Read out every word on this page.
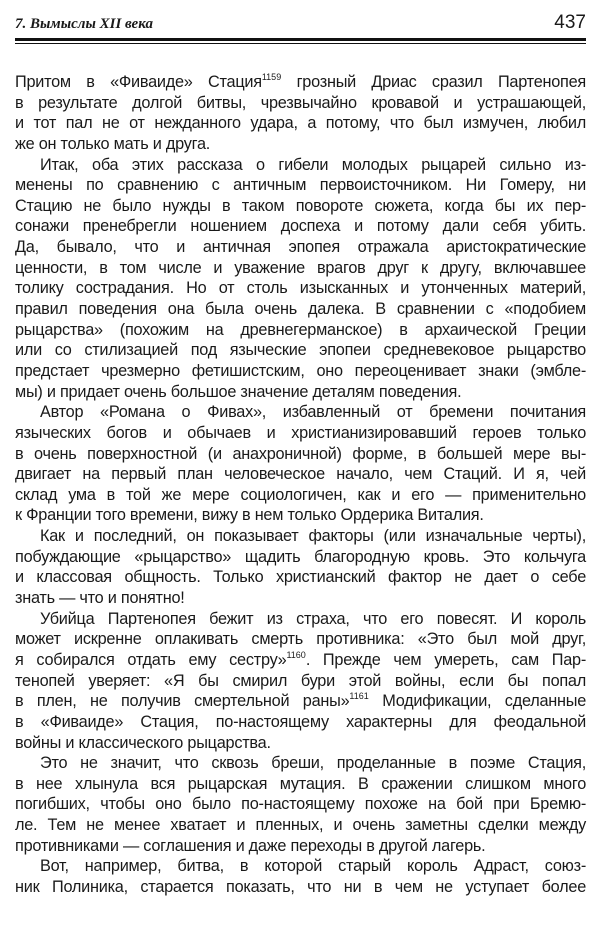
7. Вымыслы XII века	437
Притом в «Фиваиде» Стация$^{1159}$ грозный Дриас сразил Партенопея
в результате долгой битвы, чрезвычайно кровавой и устрашающей,
и тот пал не от нежданного удара, а потому, что был измучен, любил
же он только мать и друга.
Итак, оба этих рассказа о гибели молодых рыцарей сильно из-
менены по сравнению с античным первоисточником. Ни Гомеру, ни
Стацию не было нужды в таком повороте сюжета, когда бы их пер-
сонажи пренебрегли ношением доспеха и потому дали себя убить.
Да, бывало, что и античная эпопея отражала аристократические
ценности, в том числе и уважение врагов друг к другу, включавшее
толику сострадания. Но от столь изысканных и утонченных материй,
правил поведения она была очень далека. В сравнении с «подобием
рыцарства» (похожим на древнегерманское) в архаической Греции
или со стилизацией под языческие эпопеи средневековое рыцарство
предстает чрезмерно фетишистским, оно переоценивает знаки (эмбле-
мы) и придает очень большое значение деталям поведения.
Автор «Романа о Фивах», избавленный от бремени почитания
языческих богов и обычаев и христианизировавший героев только
в очень поверхностной (и анахроничной) форме, в большей мере вы-
двигает на первый план человеческое начало, чем Стаций. И я, чей
склад ума в той же мере социологичен, как и его — применительно
к Франции того времени, вижу в нем только Ордерика Виталия.
Как и последний, он показывает факторы (или изначальные черты),
побуждающие «рыцарство» щадить благородную кровь. Это кольчуга
и классовая общность. Только христианский фактор не дает о себе
знать — что и понятно!
Убийца Партенопея бежит из страха, что его повесят. И король
может искренне оплакивать смерть противника: «Это был мой друг,
я собирался отдать ему сестру»$^{1160}$. Прежде чем умереть, сам Пар-
тенопей уверяет: «Я бы смирил бури этой войны, если бы попал
в плен, не получив смертельной раны»$^{1161}$ Модификации, сделанные
в «Фиваиде» Стация, по-настоящему характерны для феодальной
войны и классического рыцарства.
Это не значит, что сквозь бреши, проделанные в поэме Стация,
в нее хлынула вся рыцарская мутация. В сражении слишком много
погибших, чтобы оно было по-настоящему похоже на бой при Бремю-
ле. Тем не менее хватает и пленных, и очень заметны сделки между
противниками — соглашения и даже переходы в другой лагерь.
Вот, например, битва, в которой старый король Адраст, союз-
ник Полиника, старается показать, что ни в чем не уступает более
